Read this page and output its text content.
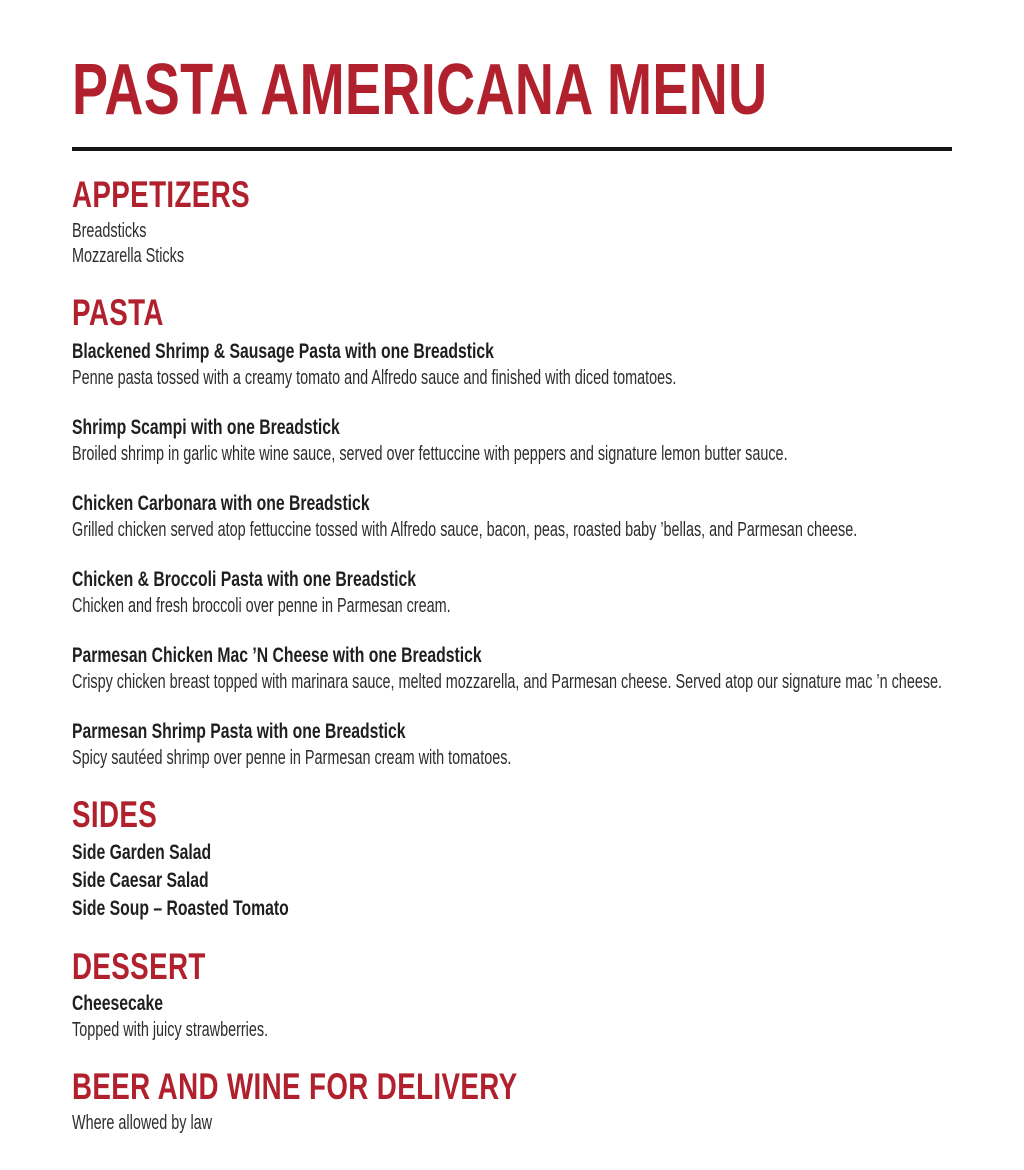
PASTA AMERICANA MENU
APPETIZERS
Breadsticks
Mozzarella Sticks
PASTA
Blackened Shrimp & Sausage Pasta with one Breadstick
Penne pasta tossed with a creamy tomato and Alfredo sauce and finished with diced tomatoes.
Shrimp Scampi with one Breadstick
Broiled shrimp in garlic white wine sauce, served over fettuccine with peppers and signature lemon butter sauce.
Chicken Carbonara with one Breadstick
Grilled chicken served atop fettuccine tossed with Alfredo sauce, bacon, peas, roasted baby ’bellas, and Parmesan cheese.
Chicken & Broccoli Pasta with one Breadstick
Chicken and fresh broccoli over penne in Parmesan cream.
Parmesan Chicken Mac ’N Cheese with one Breadstick
Crispy chicken breast topped with marinara sauce, melted mozzarella, and Parmesan cheese. Served atop our signature mac ’n cheese.
Parmesan Shrimp Pasta with one Breadstick
Spicy sautéed shrimp over penne in Parmesan cream with tomatoes.
SIDES
Side Garden Salad
Side Caesar Salad
Side Soup – Roasted Tomato
DESSERT
Cheesecake
Topped with juicy strawberries.
BEER AND WINE FOR DELIVERY
Where allowed by law
